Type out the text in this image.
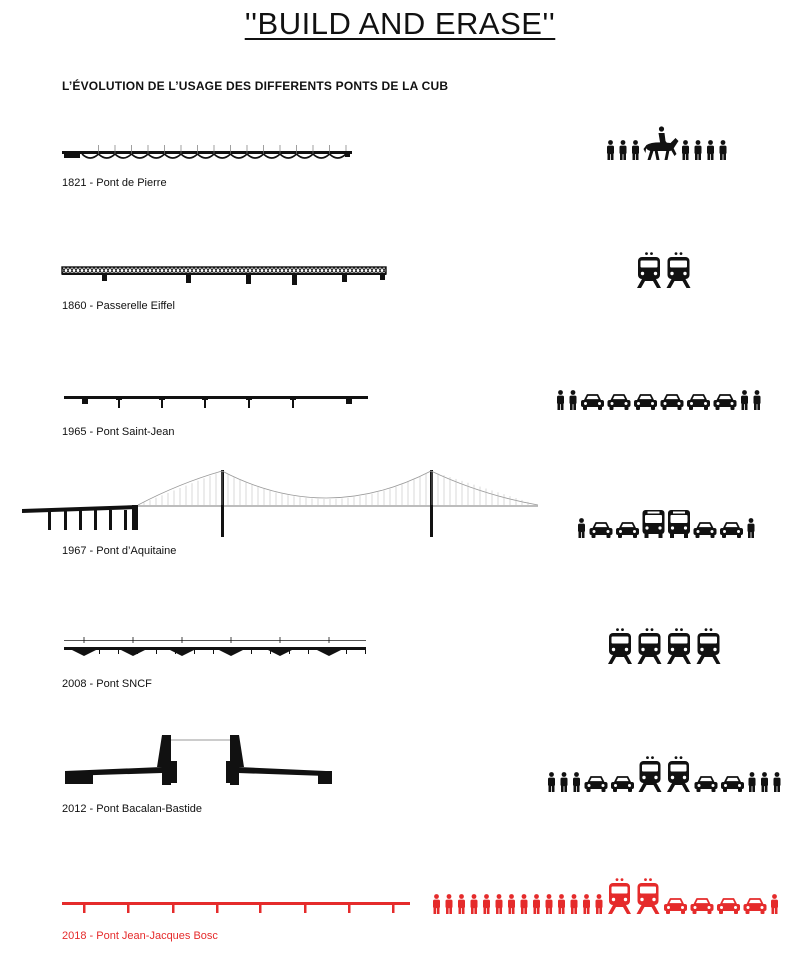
''BUILD AND ERASE''
L’ÉVOLUTION DE L’USAGE DES DIFFERENTS PONTS DE LA CUB
1821 - Pont de Pierre
1860 - Passerelle Eiffel
1965 - Pont Saint-Jean
1967 - Pont d’Aquitaine
2008 - Pont SNCF
2012 - Pont Bacalan-Bastide
2018 - Pont Jean-Jacques Bosc
